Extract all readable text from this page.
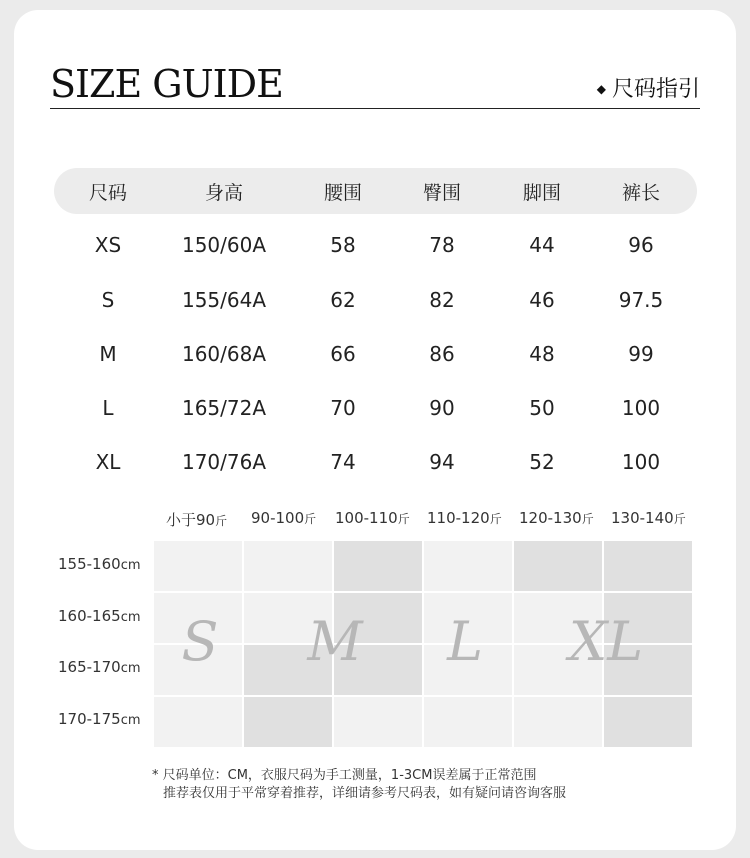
SIZE GUIDE	◆ 尺码指引
尺码	身高	腰围	臀围	脚围	裤长
XS	150/60A	58	78	44	96
S	155/64A	62	82	46	97.5
M	160/68A	66	86	48	99
L	165/72A	70	90	50	100
XL	170/76A	74	94	52	100
小于90斤 90-100斤 100-110斤 110-120斤 120-130斤 130-140斤
155-160cm
160-165cm
165-170cm
170-175cm
S M L XL
* 尺码单位：CM，衣服尺码为手工测量，1-3CM误差属于正常范围
推荐表仅用于平常穿着推荐，详细请参考尺码表，如有疑问请咨询客服
